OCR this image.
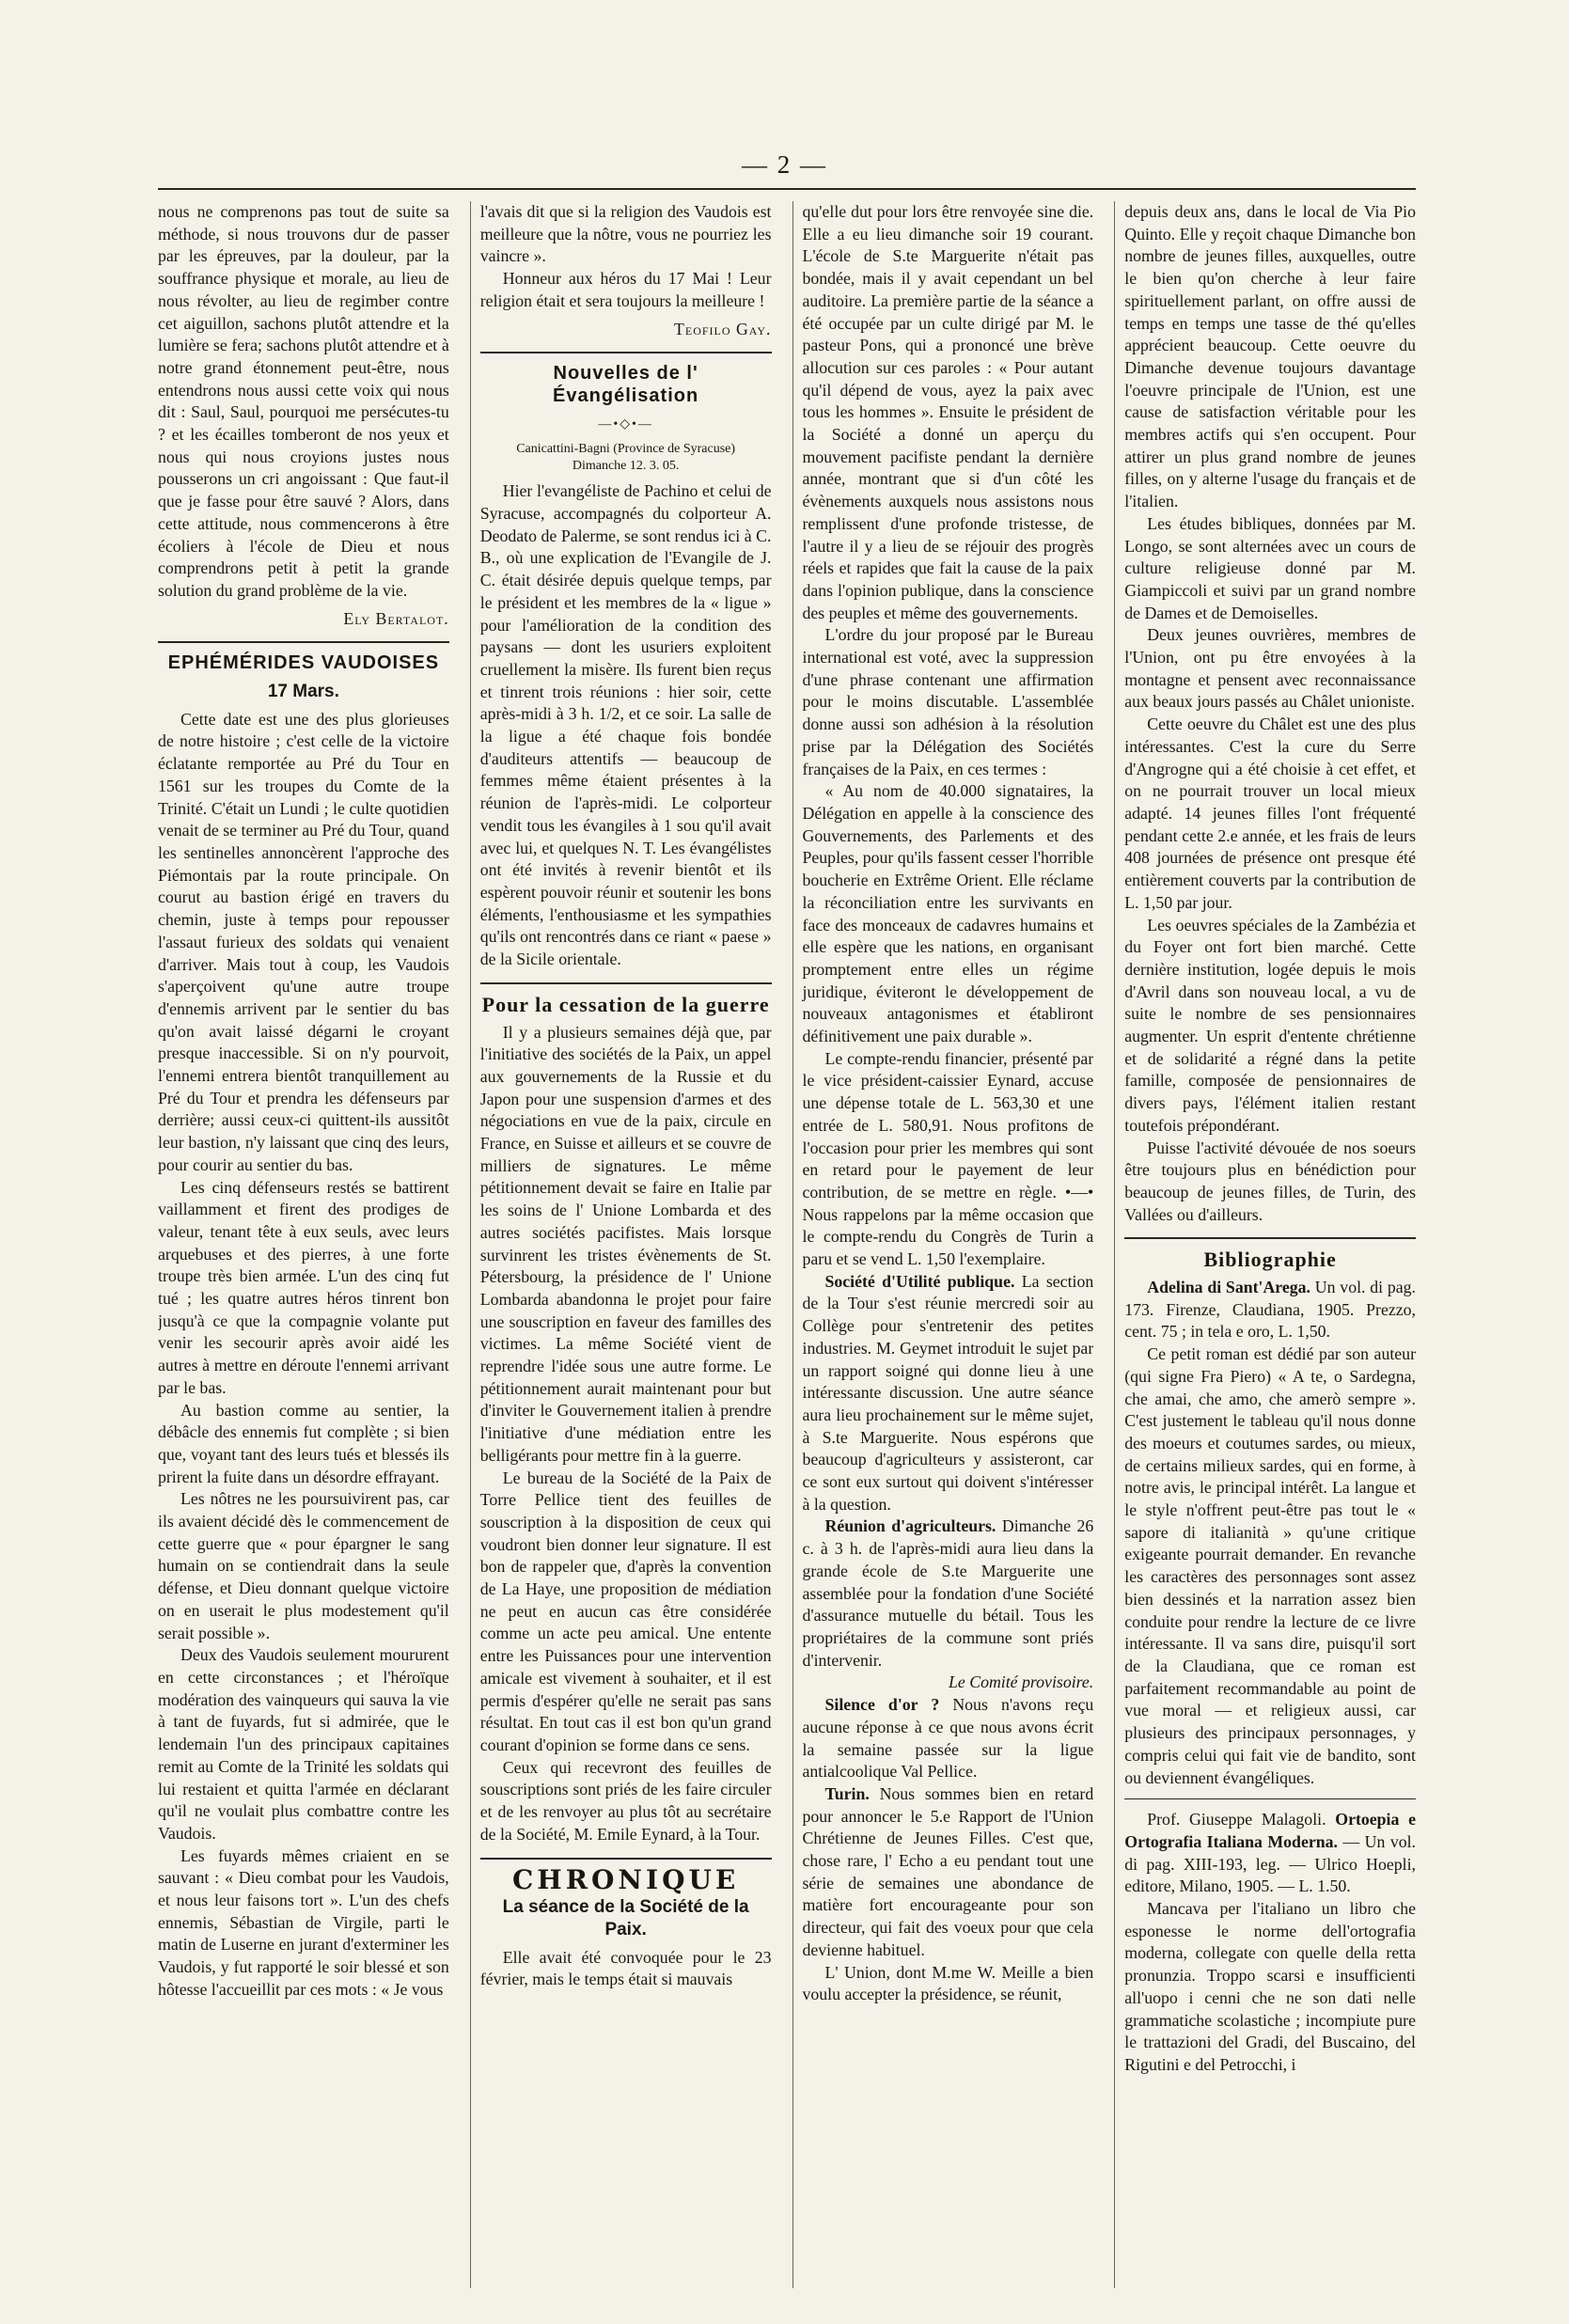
— 2 —

nous ne comprenons pas tout de suite sa méthode, si nous trouvons dur de passer par les épreuves, par la douleur, par la souffrance physique et morale, au lieu de nous révolter, au lieu de regimber contre cet aiguillon, sachons plutôt attendre et la lumière se fera; sachons plutôt attendre et à notre grand étonnement peut-être, nous entendrons nous aussi cette voix qui nous dit : Saul, Saul, pourquoi me persécutes-tu ? et les écailles tomberont de nos yeux et nous qui nous croyions justes nous pousserons un cri angoissant : Que faut-il que je fasse pour être sauvé ? Alors, dans cette attitude, nous commencerons à être écoliers à l'école de Dieu et nous comprendrons petit à petit la grande solution du grand problème de la vie.

Ely Bertalot.
EPHÉMÉRIDES VAUDOISES
17 Mars.

Cette date est une des plus glorieuses de notre histoire ; c'est celle de la victoire éclatante remportée au Pré du Tour en 1561 sur les troupes du Comte de la Trinité. C'était un Lundi ; le culte quotidien venait de se terminer au Pré du Tour, quand les sentinelles annoncèrent l'approche des Piémontais par la route principale. On courut au bastion érigé en travers du chemin, juste à temps pour repousser l'assaut furieux des soldats qui venaient d'arriver. Mais tout à coup, les Vaudois s'aperçoivent qu'une autre troupe d'ennemis arrivent par le sentier du bas qu'on avait laissé dégarni le croyant presque inaccessible. Si on n'y pourvoit, l'ennemi entrera bientôt tranquillement au Pré du Tour et prendra les défenseurs par derrière; aussi ceux-ci quittent-ils aussitôt leur bastion, n'y laissant que cinq des leurs, pour courir au sentier du bas.

Les cinq défenseurs restés se battirent vaillamment et firent des prodiges de valeur, tenant tête à eux seuls, avec leurs arquebuses et des pierres, à une forte troupe très bien armée. L'un des cinq fut tué ; les quatre autres héros tinrent bon jusqu'à ce que la compagnie volante put venir les secourir après avoir aidé les autres à mettre en déroute l'ennemi arrivant par le bas.

Au bastion comme au sentier, la débâcle des ennemis fut complète ; si bien que, voyant tant des leurs tués et blessés ils prirent la fuite dans un désordre effrayant.

Les nôtres ne les poursuivirent pas, car ils avaient décidé dès le commencement de cette guerre que « pour épargner le sang humain on se contiendrait dans la seule défense, et Dieu donnant quelque victoire on en userait le plus modestement qu'il serait possible ».

Deux des Vaudois seulement moururent en cette circonstances ; et l'héroïque modération des vainqueurs qui sauva la vie à tant de fuyards, fut si admirée, que le lendemain l'un des principaux capitaines remit au Comte de la Trinité les soldats qui lui restaient et quitta l'armée en déclarant qu'il ne voulait plus combattre contre les Vaudois.

Les fuyards mêmes criaient en se sauvant : « Dieu combat pour les Vaudois, et nous leur faisons tort ». L'un des chefs ennemis, Sébastian de Virgile, parti le matin de Luserne en jurant d'exterminer les Vaudois, y fut rapporté le soir blessé et son hôtesse l'accueillit par ces mots : « Je vous

l'avais dit que si la religion des Vaudois est meilleure que la nôtre, vous ne pourriez les vaincre ».

Honneur aux héros du 17 Mai ! Leur religion était et sera toujours la meilleure !

Teofilo Gay.
Nouvelles de l' Évangélisation
—•◇•—
Canicattini-Bagni (Province de Syracuse)
Dimanche 12. 3. 05.

Hier l'evangéliste de Pachino et celui de Syracuse, accompagnés du colporteur A. Deodato de Palerme, se sont rendus ici à C. B., où une explication de l'Evangile de J. C. était désirée depuis quelque temps, par le président et les membres de la « ligue » pour l'amélioration de la condition des paysans — dont les usuriers exploitent cruellement la misère. Ils furent bien reçus et tinrent trois réunions : hier soir, cette après-midi à 3 h. 1/2, et ce soir. La salle de la ligue a été chaque fois bondée d'auditeurs attentifs — beaucoup de femmes même étaient présentes à la réunion de l'après-midi. Le colporteur vendit tous les évangiles à 1 sou qu'il avait avec lui, et quelques N. T. Les évangélistes ont été invités à revenir bientôt et ils espèrent pouvoir réunir et soutenir les bons éléments, l'enthousiasme et les sympathies qu'ils ont rencontrés dans ce riant « paese » de la Sicile orientale.

Pour la cessation de la guerre

Il y a plusieurs semaines déjà que, par l'initiative des sociétés de la Paix, un appel aux gouvernements de la Russie et du Japon pour une suspension d'armes et des négociations en vue de la paix, circule en France, en Suisse et ailleurs et se couvre de milliers de signatures. Le même pétitionnement devait se faire en Italie par les soins de l' Unione Lombarda et des autres sociétés pacifistes. Mais lorsque survinrent les tristes évènements de St. Pétersbourg, la présidence de l' Unione Lombarda abandonna le projet pour faire une souscription en faveur des familles des victimes. La même Société vient de reprendre l'idée sous une autre forme. Le pétitionnement aurait maintenant pour but d'inviter le Gouvernement italien à prendre l'initiative d'une médiation entre les belligérants pour mettre fin à la guerre.

Le bureau de la Société de la Paix de Torre Pellice tient des feuilles de souscription à la disposition de ceux qui voudront bien donner leur signature. Il est bon de rappeler que, d'après la convention de La Haye, une proposition de médiation ne peut en aucun cas être considérée comme un acte peu amical. Une entente entre les Puissances pour une intervention amicale est vivement à souhaiter, et il est permis d'espérer qu'elle ne serait pas sans résultat. En tout cas il est bon qu'un grand courant d'opinion se forme dans ce sens.

Ceux qui recevront des feuilles de souscriptions sont priés de les faire circuler et de les renvoyer au plus tôt au secrétaire de la Société, M. Emile Eynard, à la Tour.

CHRONIQUE
La séance de la Société de la Paix.

Elle avait été convoquée pour le 23 février, mais le temps était si mauvais

qu'elle dut pour lors être renvoyée sine die. Elle a eu lieu dimanche soir 19 courant. L'école de S.te Marguerite n'était pas bondée, mais il y avait cependant un bel auditoire. La première partie de la séance a été occupée par un culte dirigé par M. le pasteur Pons, qui a prononcé une brève allocution sur ces paroles : « Pour autant qu'il dépend de vous, ayez la paix avec tous les hommes ». Ensuite le président de la Société a donné un aperçu du mouvement pacifiste pendant la dernière année, montrant que si d'un côté les évènements auxquels nous assistons nous remplissent d'une profonde tristesse, de l'autre il y a lieu de se réjouir des progrès réels et rapides que fait la cause de la paix dans l'opinion publique, dans la conscience des peuples et même des gouvernements.

L'ordre du jour proposé par le Bureau international est voté, avec la suppression d'une phrase contenant une affirmation pour le moins discutable. L'assemblée donne aussi son adhésion à la résolution prise par la Délégation des Sociétés françaises de la Paix, en ces termes :

« Au nom de 40.000 signataires, la Délégation en appelle à la conscience des Gouvernements, des Parlements et des Peuples, pour qu'ils fassent cesser l'horrible boucherie en Extrême Orient. Elle réclame la réconciliation entre les survivants en face des monceaux de cadavres humains et elle espère que les nations, en organisant promptement entre elles un régime juridique, éviteront le développement de nouveaux antagonismes et établiront définitivement une paix durable ».

Le compte-rendu financier, présenté par le vice président-caissier Eynard, accuse une dépense totale de L. 563,30 et une entrée de L. 580,91. Nous profitons de l'occasion pour prier les membres qui sont en retard pour le payement de leur contribution, de se mettre en règle. •—• Nous rappelons par la même occasion que le compte-rendu du Congrès de Turin a paru et se vend L. 1,50 l'exemplaire.

Société d'Utilité publique. La section de la Tour s'est réunie mercredi soir au Collège pour s'entretenir des petites industries. M. Geymet introduit le sujet par un rapport soigné qui donne lieu à une intéressante discussion. Une autre séance aura lieu prochainement sur le même sujet, à S.te Marguerite. Nous espérons que beaucoup d'agriculteurs y assisteront, car ce sont eux surtout qui doivent s'intéresser à la question.

Réunion d'agriculteurs. Dimanche 26 c. à 3 h. de l'après-midi aura lieu dans la grande école de S.te Marguerite une assemblée pour la fondation d'une Société d'assurance mutuelle du bétail. Tous les propriétaires de la commune sont priés d'intervenir.

Le Comité provisoire.

Silence d'or ? Nous n'avons reçu aucune réponse à ce que nous avons écrit la semaine passée sur la ligue antialcoolique Val Pellice.

Turin. Nous sommes bien en retard pour annoncer le 5.e Rapport de l'Union Chrétienne de Jeunes Filles. C'est que, chose rare, l' Echo a eu pendant tout une série de semaines une abondance de matière fort encourageante pour son directeur, qui fait des voeux pour que cela devienne habituel.

L' Union, dont M.me W. Meille a bien voulu accepter la présidence, se réunit,

depuis deux ans, dans le local de Via Pio Quinto. Elle y reçoit chaque Dimanche bon nombre de jeunes filles, auxquelles, outre le bien qu'on cherche à leur faire spirituellement parlant, on offre aussi de temps en temps une tasse de thé qu'elles apprécient beaucoup. Cette oeuvre du Dimanche devenue toujours davantage l'oeuvre principale de l'Union, est une cause de satisfaction véritable pour les membres actifs qui s'en occupent. Pour attirer un plus grand nombre de jeunes filles, on y alterne l'usage du français et de l'italien.

Les études bibliques, données par M. Longo, se sont alternées avec un cours de culture religieuse donné par M. Giampiccoli et suivi par un grand nombre de Dames et de Demoiselles.

Deux jeunes ouvrières, membres de l'Union, ont pu être envoyées à la montagne et pensent avec reconnaissance aux beaux jours passés au Châlet unioniste.

Cette oeuvre du Châlet est une des plus intéressantes. C'est la cure du Serre d'Angrogne qui a été choisie à cet effet, et on ne pourrait trouver un local mieux adapté. 14 jeunes filles l'ont fréquenté pendant cette 2.e année, et les frais de leurs 408 journées de présence ont presque été entièrement couverts par la contribution de L. 1,50 par jour.

Les oeuvres spéciales de la Zambézia et du Foyer ont fort bien marché. Cette dernière institution, logée depuis le mois d'Avril dans son nouveau local, a vu de suite le nombre de ses pensionnaires augmenter. Un esprit d'entente chrétienne et de solidarité a régné dans la petite famille, composée de pensionnaires de divers pays, l'élément italien restant toutefois prépondérant.

Puisse l'activité dévouée de nos soeurs être toujours plus en bénédiction pour beaucoup de jeunes filles, de Turin, des Vallées ou d'ailleurs.

Bibliographie

Adelina di Sant'Arega. Un vol. di pag. 173. Firenze, Claudiana, 1905. Prezzo, cent. 75 ; in tela e oro, L. 1,50.

Ce petit roman est dédié par son auteur (qui signe Fra Piero) « A te, o Sardegna, che amai, che amo, che amerò sempre ». C'est justement le tableau qu'il nous donne des moeurs et coutumes sardes, ou mieux, de certains milieux sardes, qui en forme, à notre avis, le principal intérêt. La langue et le style n'offrent peut-être pas tout le « sapore di italianità » qu'une critique exigeante pourrait demander. En revanche les caractères des personnages sont assez bien dessinés et la narration assez bien conduite pour rendre la lecture de ce livre intéressante. Il va sans dire, puisqu'il sort de la Claudiana, que ce roman est parfaitement recommandable au point de vue moral — et religieux aussi, car plusieurs des principaux personnages, y compris celui qui fait vie de bandito, sont ou deviennent évangéliques.

Prof. Giuseppe Malagoli. Ortoepia e Ortografia Italiana Moderna. — Un vol. di pag. XIII-193, leg. — Ulrico Hoepli, editore, Milano, 1905. — L. 1.50.

Mancava per l'italiano un libro che esponesse le norme dell'ortografia moderna, collegate con quelle della retta pronunzia. Troppo scarsi e insufficienti all'uopo i cenni che ne son dati nelle grammatiche scolastiche ; incompiute pure le trattazioni del Gradi, del Buscaino, del Rigutini e del Petrocchi, i
